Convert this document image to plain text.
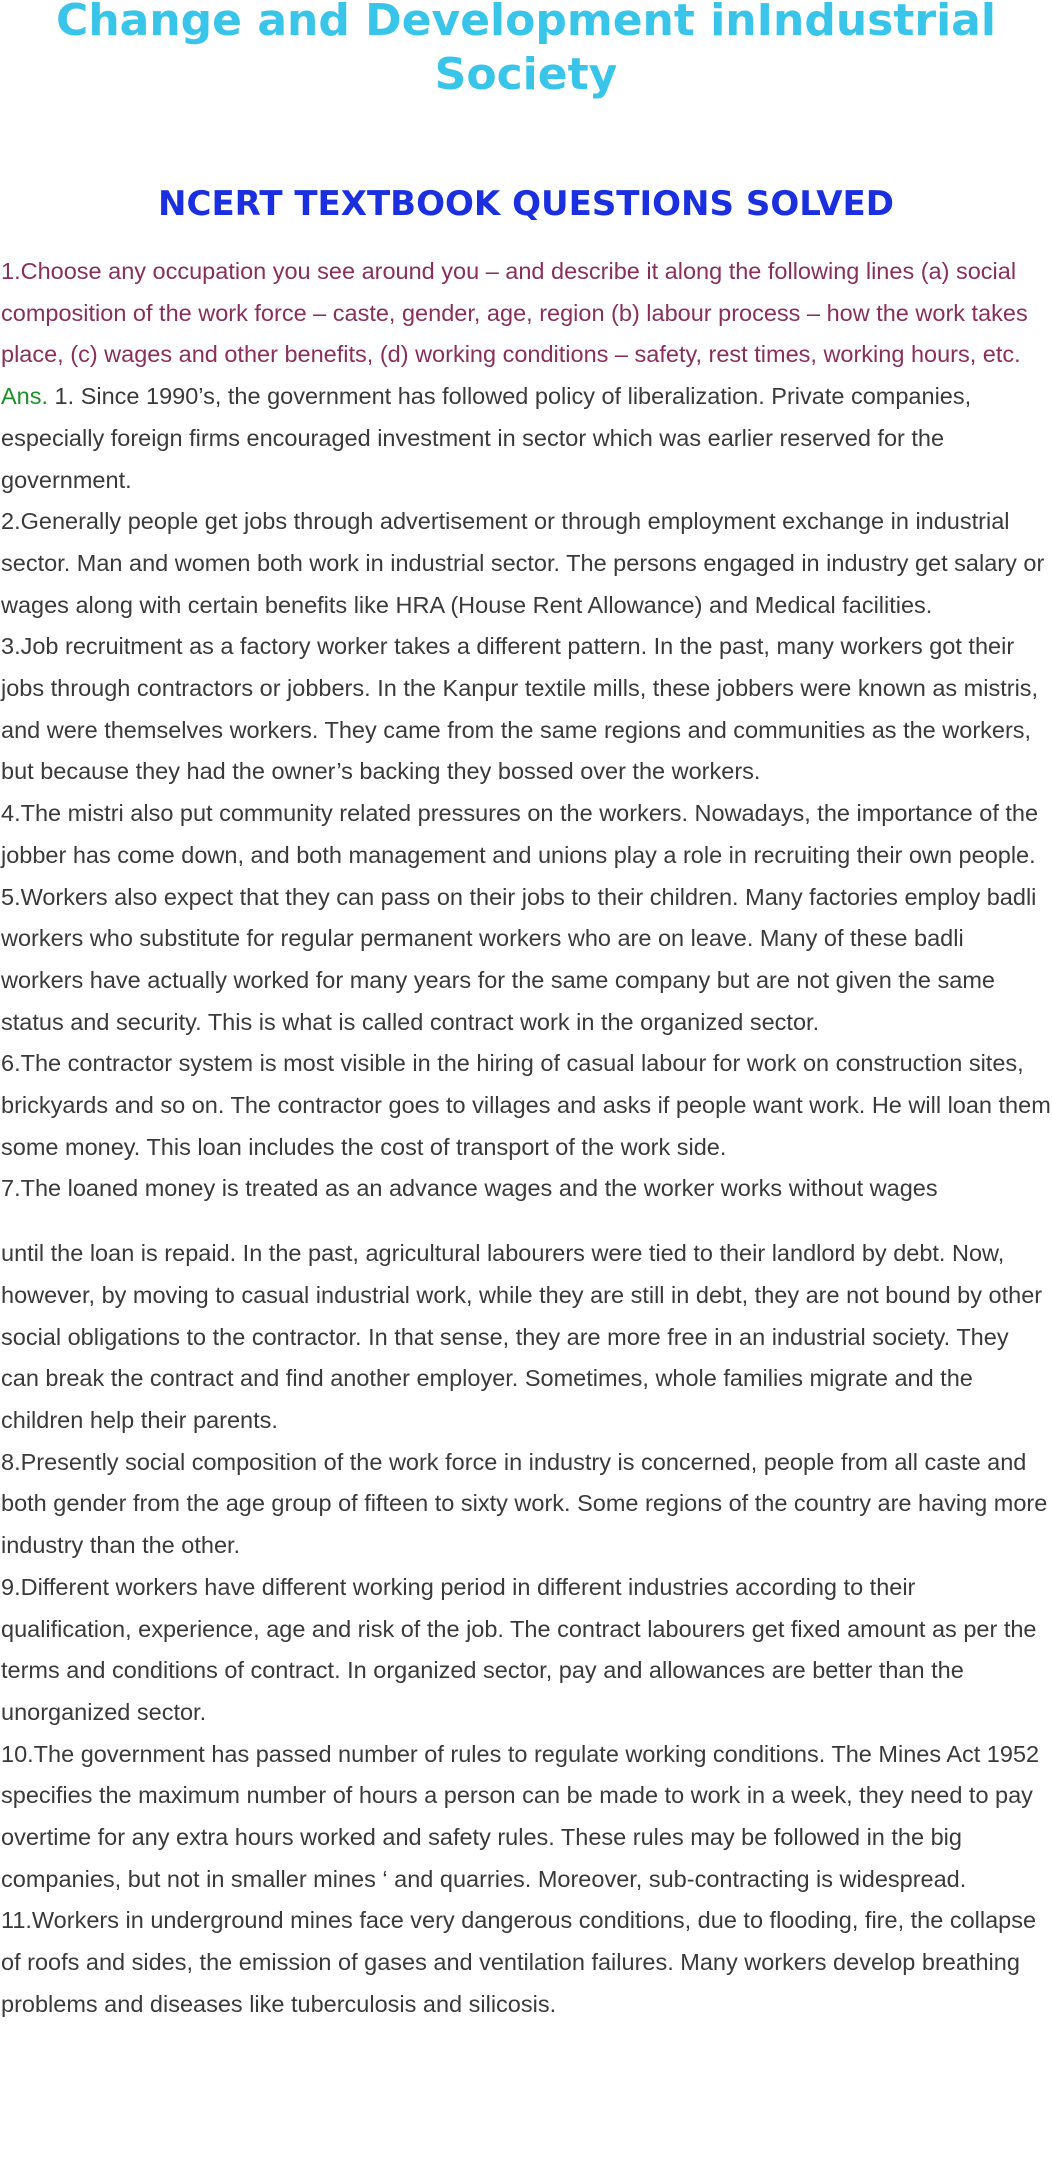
Change and Development inIndustrial Society
NCERT TEXTBOOK QUESTIONS SOLVED

1.Choose any occupation you see around you – and describe it along the following lines (a) social composition of the work force – caste, gender, age, region (b) labour process – how the work takes place, (c) wages and other benefits, (d) working conditions – safety, rest times, working hours, etc.

Ans. 1. Since 1990’s, the government has followed policy of liberalization. Private companies, especially foreign firms encouraged investment in sector which was earlier reserved for the government.

2.Generally people get jobs through advertisement or through employment exchange in industrial sector. Man and women both work in industrial sector. The persons engaged in industry get salary or wages along with certain benefits like HRA (House Rent Allowance) and Medical facilities.

3.Job recruitment as a factory worker takes a different pattern. In the past, many workers got their jobs through contractors or jobbers. In the Kanpur textile mills, these jobbers were known as mistris, and were themselves workers. They came from the same regions and communities as the workers, but because they had the owner’s backing they bossed over the workers.

4.The mistri also put community related pressures on the workers. Nowadays, the importance of the jobber has come down, and both management and unions play a role in recruiting their own people.

5.Workers also expect that they can pass on their jobs to their children. Many factories employ badli workers who substitute for regular permanent workers who are on leave. Many of these badli workers have actually worked for many years for the same company but are not given the same status and security. This is what is called contract work in the organized sector.

6.The contractor system is most visible in the hiring of casual labour for work on construction sites, brickyards and so on. The contractor goes to villages and asks if people want work. He will loan them some money. This loan includes the cost of transport of the work side.

7.The loaned money is treated as an advance wages and the worker works without wages

until the loan is repaid. In the past, agricultural labourers were tied to their landlord by debt. Now, however, by moving to casual industrial work, while they are still in debt, they are not bound by other social obligations to the contractor. In that sense, they are more free in an industrial society. They can break the contract and find another employer. Sometimes, whole families migrate and the children help their parents.

8.Presently social composition of the work force in industry is concerned, people from all caste and both gender from the age group of fifteen to sixty work. Some regions of the country are having more industry than the other.

9.Different workers have different working period in different industries according to their qualification, experience, age and risk of the job. The contract labourers get fixed amount as per the terms and conditions of contract. In organized sector, pay and allowances are better than the unorganized sector.

10.The government has passed number of rules to regulate working conditions. The Mines Act 1952 specifies the maximum number of hours a person can be made to work in a week, they need to pay overtime for any extra hours worked and safety rules. These rules may be followed in the big companies, but not in smaller mines ‘ and quarries. Moreover, sub-contracting is widespread.

11.Workers in underground mines face very dangerous conditions, due to flooding, fire, the collapse of roofs and sides, the emission of gases and ventilation failures. Many workers develop breathing problems and diseases like tuberculosis and silicosis.
